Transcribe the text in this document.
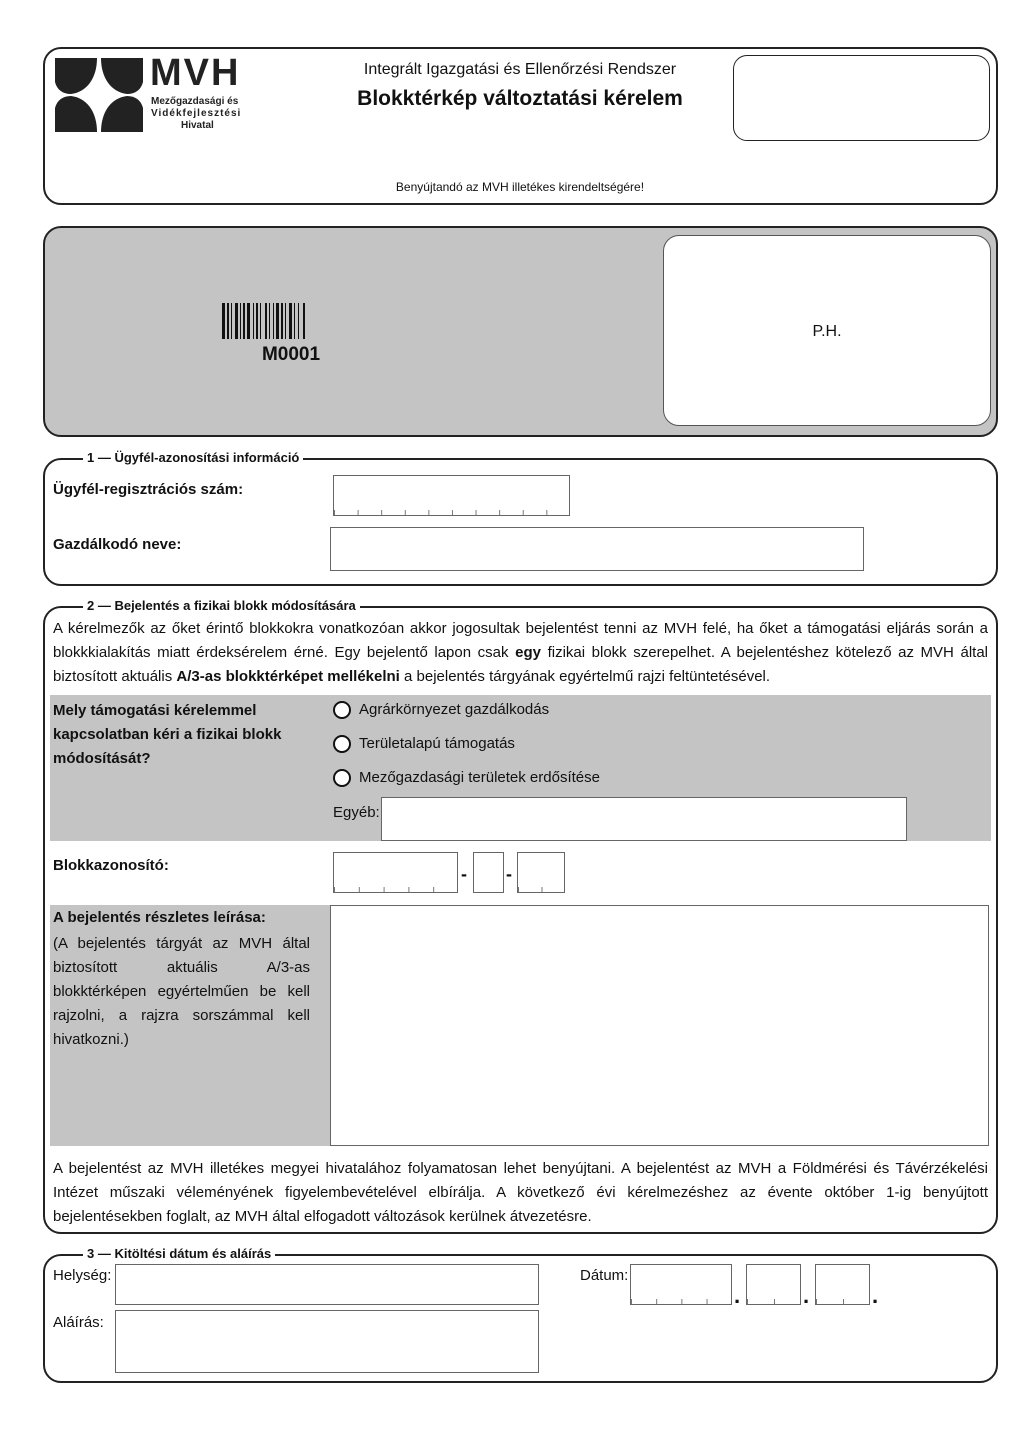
MVH
Mezőgazdasági és
Vidékfejlesztési
Hivatal
Integrált Igazgatási és Ellenőrzési Rendszer
Blokktérkép változtatási kérelem
Benyújtandó az MVH illetékes kirendeltségére!
M0001
P.H.
1 — Ügyfél-azonosítási információ
Ügyfél-regisztrációs szám:
Gazdálkodó neve:
2 — Bejelentés a fizikai blokk módosítására
A kérelmezők az őket érintő blokkokra vonatkozóan akkor jogosultak bejelentést tenni az MVH felé, ha őket a támogatási eljárás során a blokkkialakítás miatt érdeksérelem érné. Egy bejelentő lapon csak egy fizikai blokk szerepelhet. A bejelentéshez kötelező az MVH által biztosított aktuális A/3-as blokktérképet mellékelni a bejelentés tárgyának egyértelmű rajzi feltüntetésével.
Mely támogatási kérelemmel kapcsolatban kéri a fizikai blokk módosítását?
Agrárkörnyezet gazdálkodás
Területalapú támogatás
Mezőgazdasági területek erdősítése
Egyéb:
Blokkazonosító:	- -
A bejelentés részletes leírása:
(A bejelentés tárgyát az MVH által biztosított aktuális A/3-as blokktérképen egyértelműen be kell rajzolni, a rajzra sorszámmal kell hivatkozni.)
A bejelentést az MVH illetékes megyei hivatalához folyamatosan lehet benyújtani. A bejelentést az MVH a Földmérési és Távérzékelési Intézet műszaki véleményének figyelembevételével elbírálja. A következő évi kérelmezéshez az évente október 1-ig benyújtott bejelentésekben foglalt, az MVH által elfogadott változások kerülnek átvezetésre.
3 — Kitöltési dátum és aláírás
Helység:	Dátum:
.	.	.
Aláírás:
